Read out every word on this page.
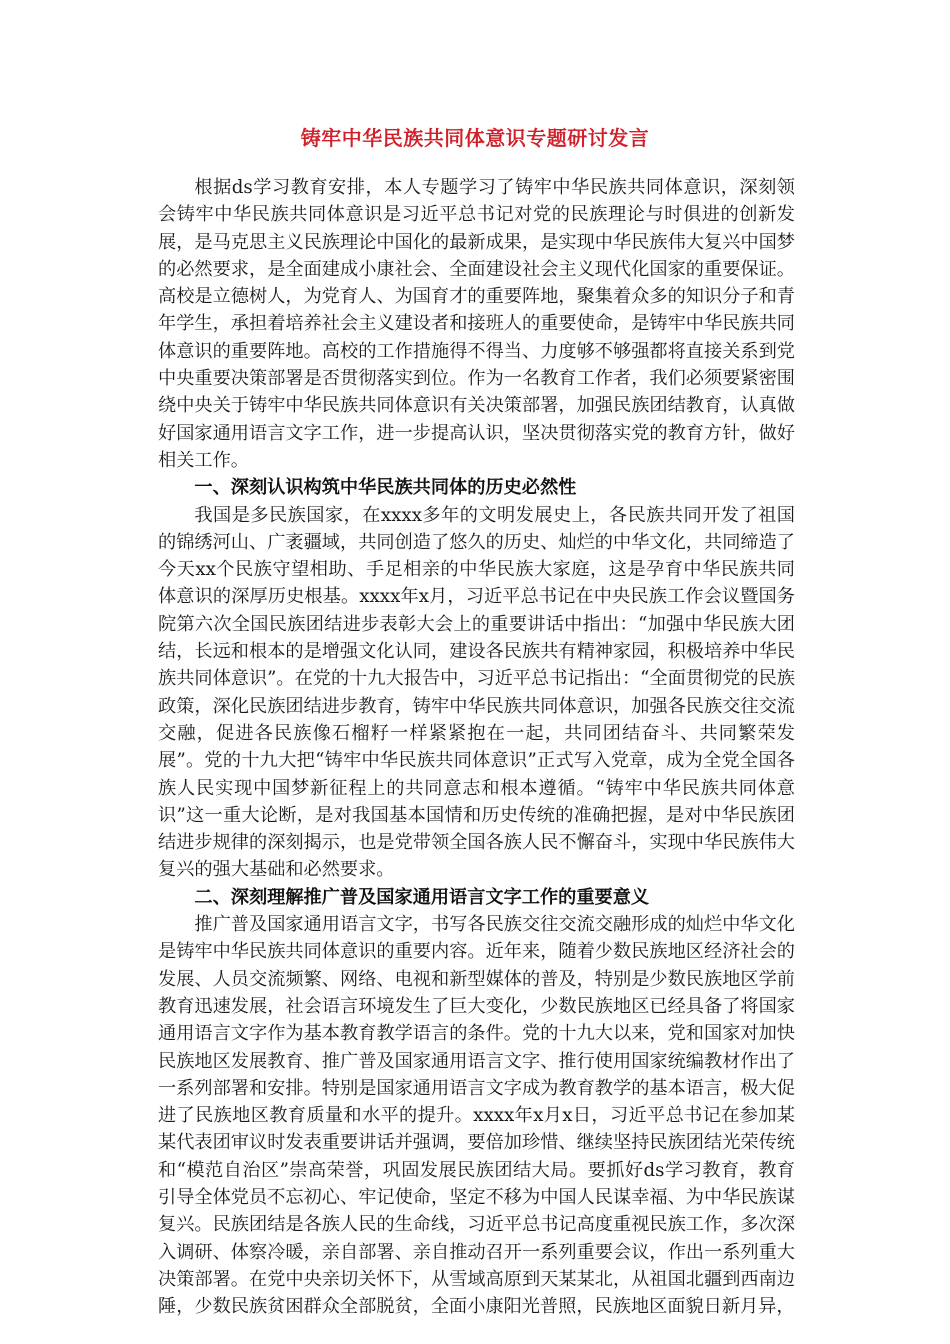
铸牢中华民族共同体意识专题研讨发言

根据ds学习教育安排，本人专题学习了铸牢中华民族共同体意识，深刻领会铸牢中华民族共同体意识是习近平总书记对党的民族理论与时俱进的创新发展，是马克思主义民族理论中国化的最新成果，是实现中华民族伟大复兴中国梦的必然要求，是全面建成小康社会、全面建设社会主义现代化国家的重要保证。高校是立德树人，为党育人、为国育才的重要阵地，聚集着众多的知识分子和青年学生，承担着培养社会主义建设者和接班人的重要使命，是铸牢中华民族共同体意识的重要阵地。高校的工作措施得不得当、力度够不够强都将直接关系到党中央重要决策部署是否贯彻落实到位。作为一名教育工作者，我们必须要紧密围绕中央关于铸牢中华民族共同体意识有关决策部署，加强民族团结教育，认真做好国家通用语言文字工作，进一步提高认识，坚决贯彻落实党的教育方针，做好相关工作。

一、深刻认识构筑中华民族共同体的历史必然性

我国是多民族国家，在xxxx多年的文明发展史上，各民族共同开发了祖国的锦绣河山、广袤疆域，共同创造了悠久的历史、灿烂的中华文化，共同缔造了今天xx个民族守望相助、手足相亲的中华民族大家庭，这是孕育中华民族共同体意识的深厚历史根基。xxxx年x月，习近平总书记在中央民族工作会议暨国务院第六次全国民族团结进步表彰大会上的重要讲话中指出：“加强中华民族大团结，长远和根本的是增强文化认同，建设各民族共有精神家园，积极培养中华民族共同体意识”。在党的十九大报告中，习近平总书记指出：“全面贯彻党的民族政策，深化民族团结进步教育，铸牢中华民族共同体意识，加强各民族交往交流交融，促进各民族像石榴籽一样紧紧抱在一起，共同团结奋斗、共同繁荣发展”。党的十九大把“铸牢中华民族共同体意识”正式写入党章，成为全党全国各族人民实现中国梦新征程上的共同意志和根本遵循。“铸牢中华民族共同体意识”这一重大论断，是对我国基本国情和历史传统的准确把握，是对中华民族团结进步规律的深刻揭示，也是党带领全国各族人民不懈奋斗，实现中华民族伟大复兴的强大基础和必然要求。

二、深刻理解推广普及国家通用语言文字工作的重要意义

推广普及国家通用语言文字，书写各民族交往交流交融形成的灿烂中华文化是铸牢中华民族共同体意识的重要内容。近年来，随着少数民族地区经济社会的发展、人员交流频繁、网络、电视和新型媒体的普及，特别是少数民族地区学前教育迅速发展，社会语言环境发生了巨大变化，少数民族地区已经具备了将国家通用语言文字作为基本教育教学语言的条件。党的十九大以来，党和国家对加快民族地区发展教育、推广普及国家通用语言文字、推行使用国家统编教材作出了一系列部署和安排。特别是国家通用语言文字成为教育教学的基本语言，极大促进了民族地区教育质量和水平的提升。xxxx年x月x日，习近平总书记在参加某某代表团审议时发表重要讲话并强调，要倍加珍惜、继续坚持民族团结光荣传统和“模范自治区”崇高荣誉，巩固发展民族团结大局。要抓好ds学习教育，教育引导全体党员不忘初心、牢记使命，坚定不移为中国人民谋幸福、为中华民族谋复兴。民族团结是各族人民的生命线，习近平总书记高度重视民族工作，多次深入调研、体察冷暖，亲自部署、亲自推动召开一系列重要会议，作出一系列重大决策部署。在党中央亲切关怀下，从雪域高原到天某某北，从祖国北疆到西南边陲，少数民族贫困群众全部脱贫，全面小康阳光普照，民族地区面貌日新月异，
